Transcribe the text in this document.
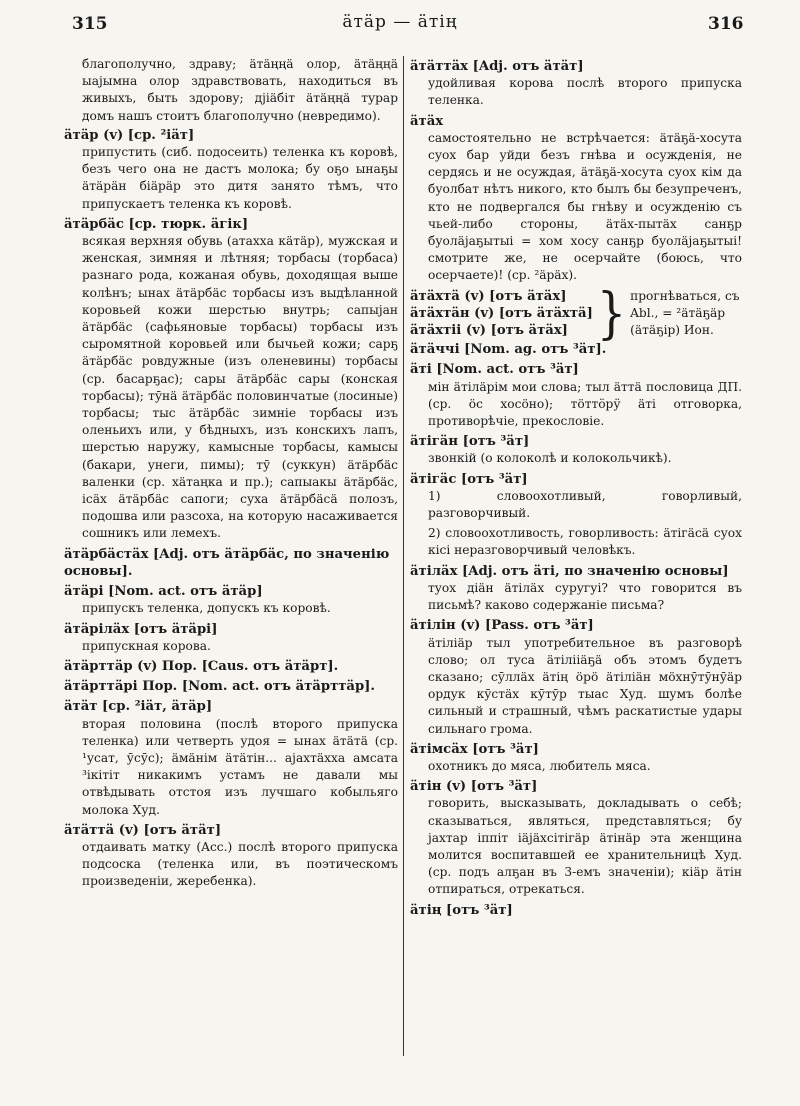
315	äтäр — äтiң	316
благополучно, здраву; äтäңңä олор, äтäңңä ыаjымна олор здравствовать, находиться въ живыхъ, быть здорову; дjiäбiт äтäңңä турар домъ нашъ стоитъ благополучно (невредимо).
äтäр (v) [ср. ²iäт]
припустить (сиб. подосеить) теленка къ коровѣ, безъ чего она не дастъ молока; бу оҕо ынаҕы äтäрäн бiäрäр это дитя занято тѣмъ, что припускаетъ теленка къ коровѣ.
äтäрбäс [ср. тюрк. äгiк]
всякая верхняя обувь (атахха кäтäр), мужская и женская, зимняя и лѣтняя; торбасы (торбаса) разнаго рода, кожаная обувь, доходящая выше колѣнъ; ынах äтäрбäс торбасы изъ выдѣланной коровьей кожи шерстью внутрь; сапыjан äтäрбäс (сафьяновые торбасы) торбасы изъ сыромятной коровьей или бычьей кожи; сарҕ äтäрбäс ровдужные (изъ оленевины) торбасы (ср. басарҕас); сары äтäрбäс сары (конская торбасы); тӯнä äтäрбäс половинчатые (лосиные) торбасы; тыс äтäрбäс зимніе торбасы изъ оленьихъ или, у бѣдныхъ, изъ конскихъ лапъ, шерстью наружу, камысные торбасы, камысы (бакари, унеги, пимы); тӯ (суккун) äтäрбäс валенки (ср. хäтаңка и пр.); сапыакы äтäрбäс, iсäх äтäрбäс сапоги; суха äтäрбäсä полозъ, подошва или разсоха, на которую насаживается сошникъ или лемехъ.
äтäрбäстäх [Adj. отъ äтäрбäс, по значенію основы].
äтäрi [Nom. act. отъ äтäр]
припускъ теленка, допускъ къ коровѣ.
äтäрiлäх [отъ äтäрi]
припускная корова.
äтäрттäр (v) Пор. [Caus. отъ äтäрт].
äтäрттäрi Пор. [Nom. act. отъ äтäрттäр].
äтäт [ср. ²iäт, äтäр]
вторая половина (послѣ второго припуска теленка) или четверть удоя = ынах äтäтä (ср. ¹усат, ӯсӯс); äмäнiм äтäтiн... аjахтäхха амсата ³iкiтiт никакимъ устамъ не давали мы отвѣдывать отстоя изъ лучшаго кобыльяго молока Худ.
äтäттä (v) [отъ äтäт]
отдаивать матку (Acc.) послѣ второго припуска подсоска (теленка или, въ поэтическомъ произведеніи, жеребенка).
äтäттäх [Adj. отъ äтäт]
удойливая корова послѣ второго припуска теленка.
äтäх
самостоятельно не встрѣчается: äтäҕä-хосута суох бар уйди безъ гнѣва и осужденія, не сердясь и не осуждая, äтäҕä-хосута суох кiм да буолбат нѣтъ никого, кто былъ бы безупреченъ, кто не подвергался бы гнѣву и осужденію съ чьей-либо стороны, äтäх-пытäх санҕр буолäjаҕытыi = хом хосу санҕр буолäjаҕытыi! смотрите же, не осерчайте (боюсь, что осерчаете)! (ср. ²äрäх).
äтäхтä (v) [отъ äтäх]
äтäхтäн (v) [отъ äтäхтä]
äтäхтii (v) [отъ äтäх] } прогнѣваться, съ Abl., = ²äтäҕäр (äтäҕiр) Ион.
äтäччi [Nom. ag. отъ ³äт].
äтi [Nom. act. отъ ³äт]
мiн äтiлäрiм мои слова; тыл äттä пословица ДП. (ср. öс хосöно); тöттӧрӱ äтi отговорка, противорѣчіе, прекословіе.
äтiгäн [отъ ³äт]
звонкій (о колоколѣ и колокольчикѣ).
äтiгäс [отъ ³äт]
1) словоохотливый, говорливый, разговорчивый.
2) словоохотливость, говорливость: äтiгäсä суох кiсi неразговорчивый человѣкъ.
äтiлäх [Adj. отъ äтi, по значенію основы]
туох дiäн äтiлäх суругуi? что говорится въ письмѣ? каково содержаніе письма?
äтiлiн (v) [Pass. отъ ³äт]
äтiлiäр тыл употребительное въ разговорѣ слово; ол туса äтiлiiäҕä объ этомъ будетъ сказано; сӯллäх äтiң öрö äтiлiäн мöхнӯтӯнӯäр ордук кӯстäх кӯтӯр тыас Худ. шумъ болѣе сильный и страшный, чѣмъ раскатистые удары сильнаго грома.
äтiмсäх [отъ ³äт]
охотникъ до мяса, любитель мяса.
äтiн (v) [отъ ³äт]
говорить, высказывать, докладывать о себѣ; сказываться, являться, представляться; бу jахтар iппiт iäjäхсiтiгäр äтiнäр эта женщина молится воспитавшей ее хранительницѣ Худ. (ср. подъ алҕан въ 3-емъ значеніи); кiäр äтiн отпираться, отрекаться.
äтiң [отъ ³äт]
